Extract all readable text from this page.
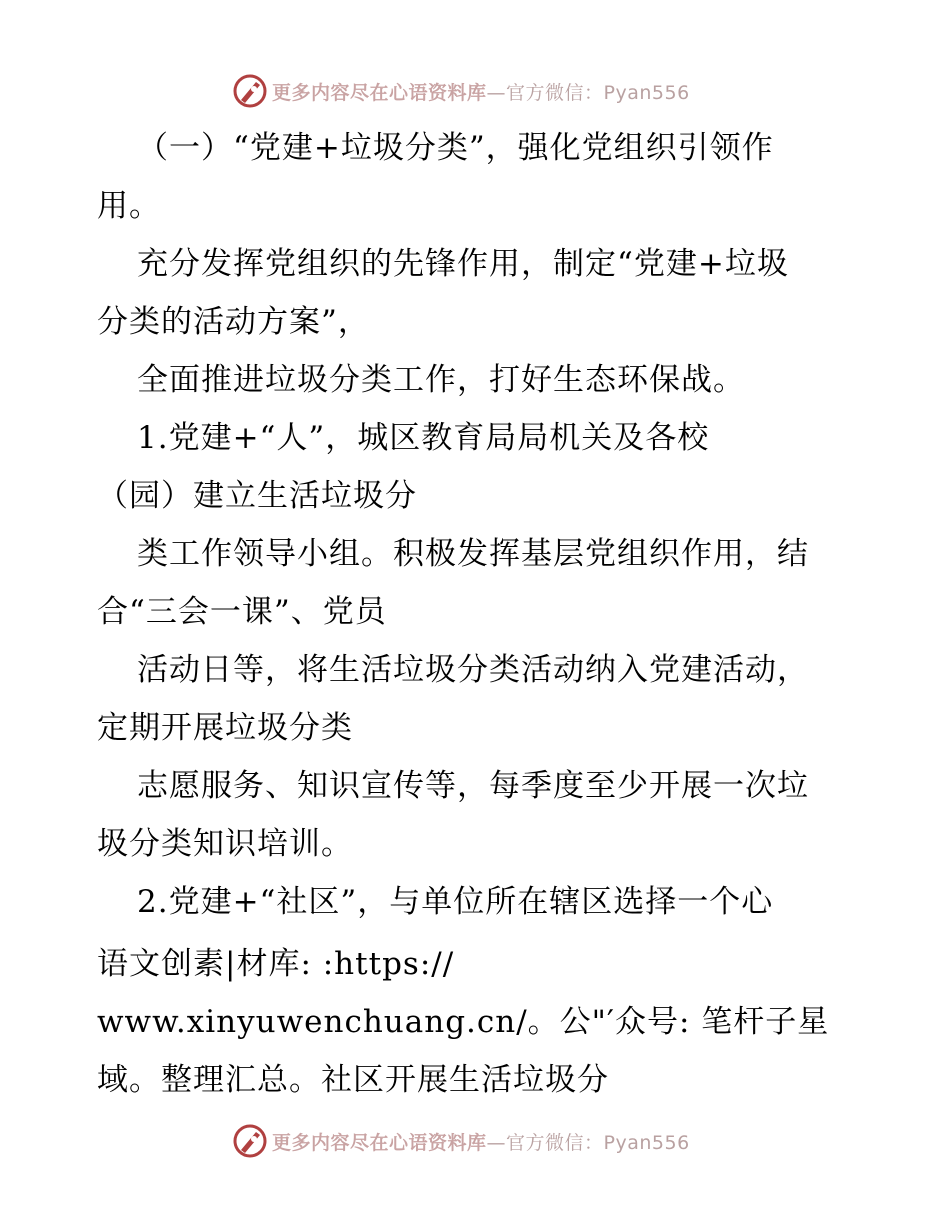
更多内容尽在心语资料库—官方微信：Pyan556
（一）“党建+垃圾分类”，强化党组织引领作
用。
充分发挥党组织的先锋作用，制定“党建+垃圾
分类的活动方案”，
全面推进垃圾分类工作，打好生态环保战。
1.党建+“人”，城区教育局局机关及各校
（园）建立生活垃圾分
类工作领导小组。积极发挥基层党组织作用，结
合“三会一课”、党员
活动日等，将生活垃圾分类活动纳入党建活动，
定期开展垃圾分类
志愿服务、知识宣传等，每季度至少开展一次垃
圾分类知识培训。
2.党建+“社区”，与单位所在辖区选择一个心
语文创素|材库: :https://
www.xinyuwenchuang.cn/。公"′众号: 笔杆子星
域。整理汇总。社区开展生活垃圾分
更多内容尽在心语资料库—官方微信：Pyan556
